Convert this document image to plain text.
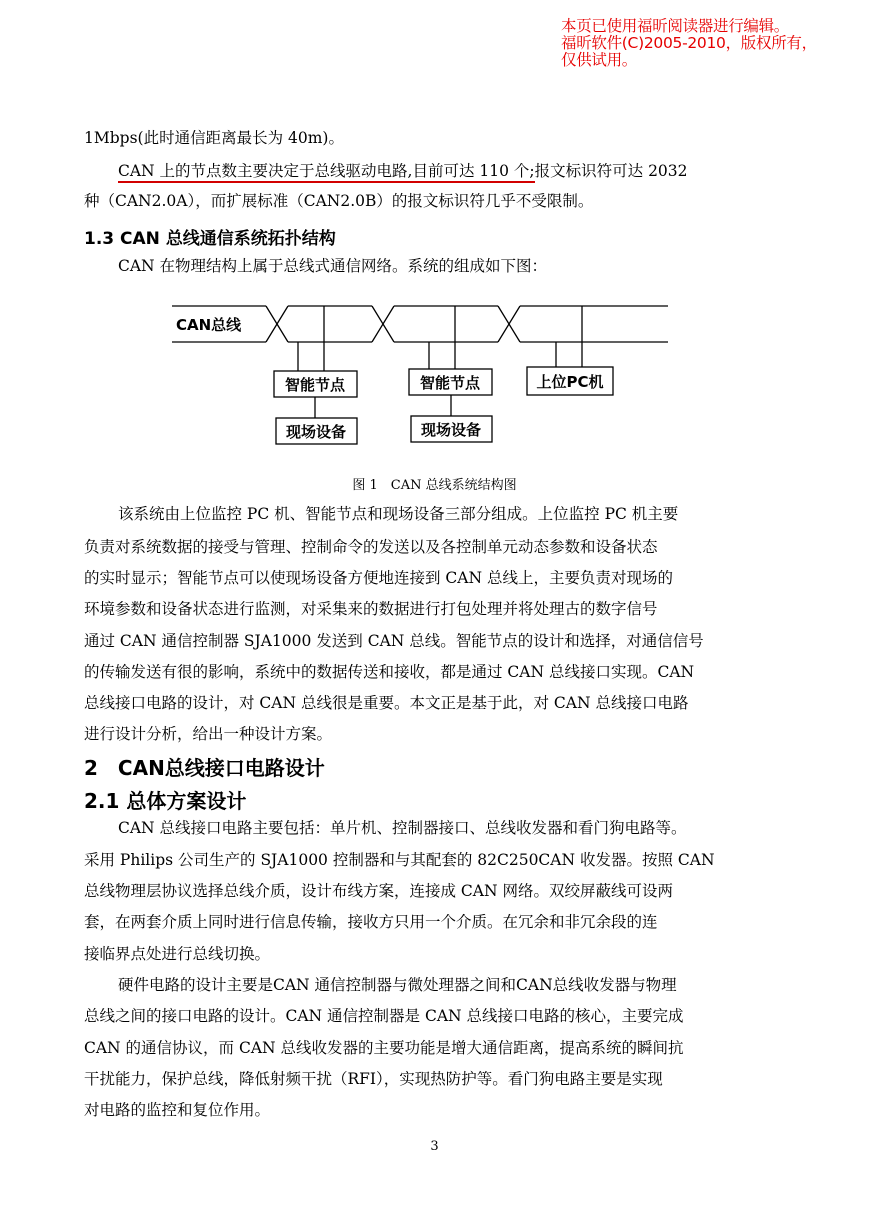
本页已使用福昕阅读器进行编辑。
福昕软件(C)2005-2010，版权所有，
仅供试用。
1Mbps(此时通信距离最长为 40m)。
CAN 上的节点数主要决定于总线驱动电路,目前可达 110 个;报文标识符可达 2032
种（CAN2.0A），而扩展标准（CAN2.0B）的报文标识符几乎不受限制。
1.3 CAN 总线通信系统拓扑结构
CAN 在物理结构上属于总线式通信网络。系统的组成如下图：
CAN总线
智能节点
现场设备
智能节点
现场设备
上位PC机
图 1　CAN 总线系统结构图
该系统由上位监控 PC 机、智能节点和现场设备三部分组成。上位监控 PC 机主要
负责对系统数据的接受与管理、控制命令的发送以及各控制单元动态参数和设备状态
的实时显示；智能节点可以使现场设备方便地连接到 CAN 总线上，主要负责对现场的
环境参数和设备状态进行监测，对采集来的数据进行打包处理并将处理古的数字信号
通过 CAN 通信控制器 SJA1000 发送到 CAN 总线。智能节点的设计和选择，对通信信号
的传输发送有很的影响，系统中的数据传送和接收，都是通过 CAN 总线接口实现。CAN
总线接口电路的设计，对 CAN 总线很是重要。本文正是基于此，对 CAN 总线接口电路
进行设计分析，给出一种设计方案。
2　CAN总线接口电路设计
2.1 总体方案设计
CAN 总线接口电路主要包括：单片机、控制器接口、总线收发器和看门狗电路等。
采用 Philips 公司生产的 SJA1000 控制器和与其配套的 82C250CAN 收发器。按照 CAN
总线物理层协议选择总线介质，设计布线方案，连接成 CAN 网络。双绞屏蔽线可设两
套，在两套介质上同时进行信息传输，接收方只用一个介质。在冗余和非冗余段的连
接临界点处进行总线切换。
硬件电路的设计主要是CAN 通信控制器与微处理器之间和CAN总线收发器与物理
总线之间的接口电路的设计。CAN 通信控制器是 CAN 总线接口电路的核心，主要完成
CAN 的通信协议，而 CAN 总线收发器的主要功能是增大通信距离，提高系统的瞬间抗
干扰能力，保护总线，降低射频干扰（RFI），实现热防护等。看门狗电路主要是实现
对电路的监控和复位作用。
3
